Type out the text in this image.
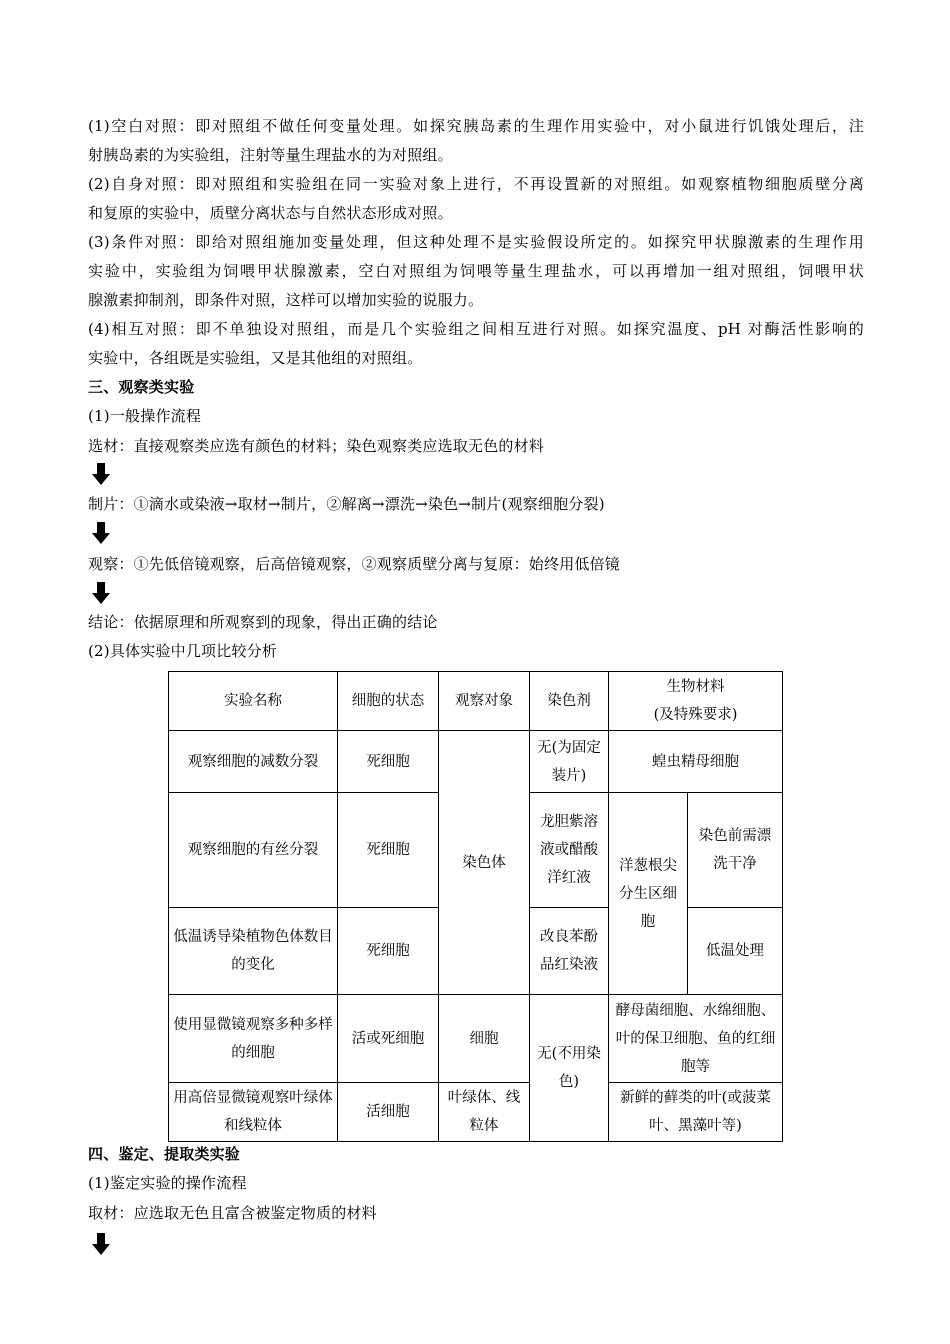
(1)空白对照：即对照组不做任何变量处理。如探究胰岛素的生理作用实验中，对小鼠进行饥饿处理后，注
射胰岛素的为实验组，注射等量生理盐水的为对照组。
(2)自身对照：即对照组和实验组在同一实验对象上进行，不再设置新的对照组。如观察植物细胞质壁分离
和复原的实验中，质壁分离状态与自然状态形成对照。
(3)条件对照：即给对照组施加变量处理，但这种处理不是实验假设所定的。如探究甲状腺激素的生理作用
实验中，实验组为饲喂甲状腺激素，空白对照组为饲喂等量生理盐水，可以再增加一组对照组，饲喂甲状
腺激素抑制剂，即条件对照，这样可以增加实验的说服力。
(4)相互对照：即不单独设对照组，而是几个实验组之间相互进行对照。如探究温度、pH 对酶活性影响的
实验中，各组既是实验组，又是其他组的对照组。
三、观察类实验
(1)一般操作流程
选材：直接观察类应选有颜色的材料；染色观察类应选取无色的材料
制片：①滴水或染液→取材→制片，②解离→漂洗→染色→制片(观察细胞分裂)
观察：①先低倍镜观察，后高倍镜观察，②观察质壁分离与复原：始终用低倍镜
结论：依据原理和所观察到的现象，得出正确的结论
(2)具体实验中几项比较分析
实验名称	细胞的状态	观察对象	染色剂	生物材料
(及特殊要求)	
观察细胞的减数分裂	死细胞	染色体	无(为固定装片)	蝗虫精母细胞	
观察细胞的有丝分裂	死细胞		龙胆紫溶液或醋酸洋红液	洋葱根尖分生区细胞	染色前需漂洗干净
低温诱导染植物色体数目的变化	死细胞		改良苯酚品红染液		低温处理
使用显微镜观察多种多样的细胞	活或死细胞	细胞	无(不用染色)	酵母菌细胞、水绵细胞、叶的保卫细胞、鱼的红细胞等	
用高倍显微镜观察叶绿体和线粒体	活细胞	叶绿体、线粒体		新鲜的藓类的叶(或菠菜叶、黑藻叶等)	
四、鉴定、提取类实验
(1)鉴定实验的操作流程
取材：应选取无色且富含被鉴定物质的材料
